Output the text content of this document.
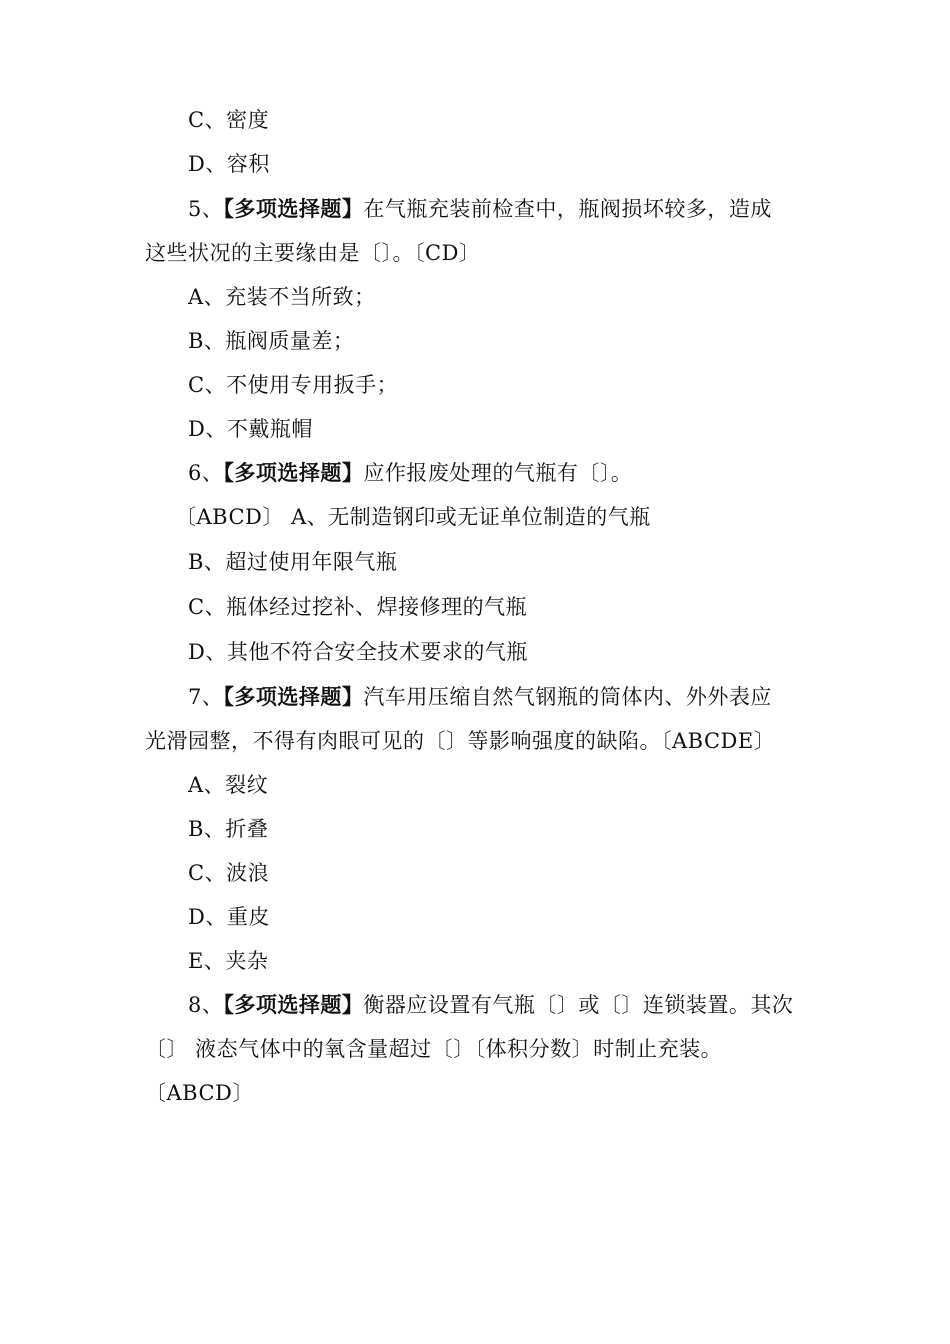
C、密度
D、容积
5、【多项选择题】在气瓶充装前检查中，瓶阀损坏较多，造成
这些状况的主要缘由是〔〕。〔CD〕
A、充装不当所致；
B、瓶阀质量差；
C、不使用专用扳手；
D、不戴瓶帽
6、【多项选择题】应作报废处理的气瓶有〔〕。
〔ABCD〕 A、无制造钢印或无证单位制造的气瓶
B、超过使用年限气瓶
C、瓶体经过挖补、焊接修理的气瓶
D、其他不符合安全技术要求的气瓶
7、【多项选择题】汽车用压缩自然气钢瓶的筒体内、外外表应
光滑园整，不得有肉眼可见的〔〕等影响强度的缺陷。〔ABCDE〕
A、裂纹
B、折叠
C、波浪
D、重皮
E、夹杂
8、【多项选择题】衡器应设置有气瓶〔〕或〔〕连锁装置。其次
〔〕 液态气体中的氧含量超过〔〕〔体积分数〕时制止充装。
〔ABCD〕
